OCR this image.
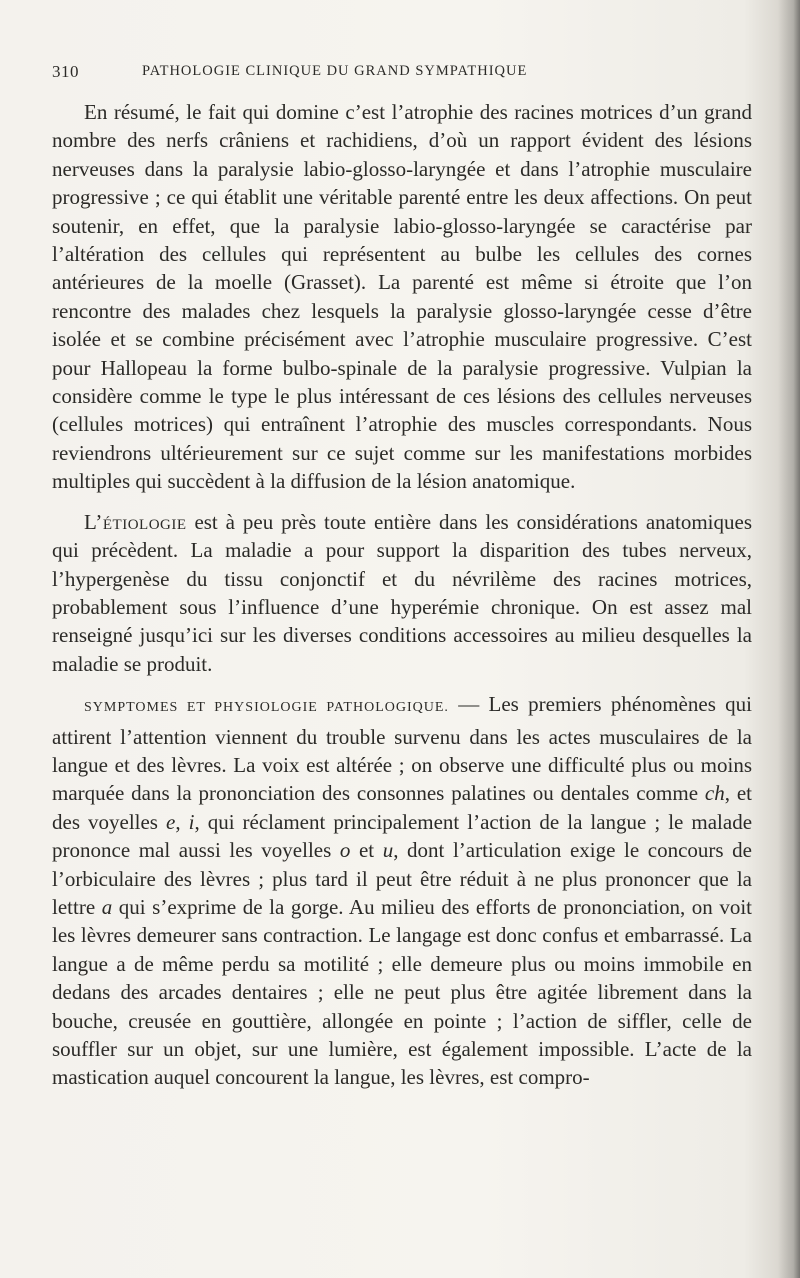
310	PATHOLOGIE CLINIQUE DU GRAND SYMPATHIQUE

En résumé, le fait qui domine c’est l’atrophie des racines motrices d’un grand nombre des nerfs crâniens et rachidiens, d’où un rapport évident des lésions nerveuses dans la paralysie labio-glosso-laryngée et dans l’atrophie musculaire progressive ; ce qui établit une véritable parenté entre les deux affections. On peut soutenir, en effet, que la paralysie labio-glosso-laryngée se caractérise par l’altération des cellules qui représentent au bulbe les cellules des cornes antérieures de la moelle (Grasset). La parenté est même si étroite que l’on rencontre des malades chez lesquels la paralysie glosso-laryngée cesse d’être isolée et se combine précisément avec l’atrophie musculaire progressive. C’est pour Hallopeau la forme bulbo-spinale de la paralysie progressive. Vulpian la considère comme le type le plus intéressant de ces lésions des cellules nerveuses (cellules motrices) qui entraînent l’atrophie des muscles correspondants. Nous reviendrons ultérieurement sur ce sujet comme sur les manifestations morbides multiples qui succèdent à la diffusion de la lésion anatomique.

L’étiologie est à peu près toute entière dans les considérations anatomiques qui précèdent. La maladie a pour support la disparition des tubes nerveux, l’hypergenèse du tissu conjonctif et du névrilème des racines motrices, probablement sous l’influence d’une hyperémie chronique. On est assez mal renseigné jusqu’ici sur les diverses conditions accessoires au milieu desquelles la maladie se produit.

SYMPTOMES ET PHYSIOLOGIE PATHOLOGIQUE. — Les premiers phénomènes qui attirent l’attention viennent du trouble survenu dans les actes musculaires de la langue et des lèvres. La voix est altérée ; on observe une difficulté plus ou moins marquée dans la prononciation des consonnes palatines ou dentales comme ch, et des voyelles e, i, qui réclament principalement l’action de la langue ; le malade prononce mal aussi les voyelles o et u, dont l’articulation exige le concours de l’orbiculaire des lèvres ; plus tard il peut être réduit à ne plus prononcer que la lettre a qui s’exprime de la gorge. Au milieu des efforts de prononciation, on voit les lèvres demeurer sans contraction. Le langage est donc confus et embarrassé. La langue a de même perdu sa motilité ; elle demeure plus ou moins immobile en dedans des arcades dentaires ; elle ne peut plus être agitée librement dans la bouche, creusée en gouttière, allongée en pointe ; l’action de siffler, celle de souffler sur un objet, sur une lumière, est également impossible. L’acte de la mastication auquel concourent la langue, les lèvres, est compro-
